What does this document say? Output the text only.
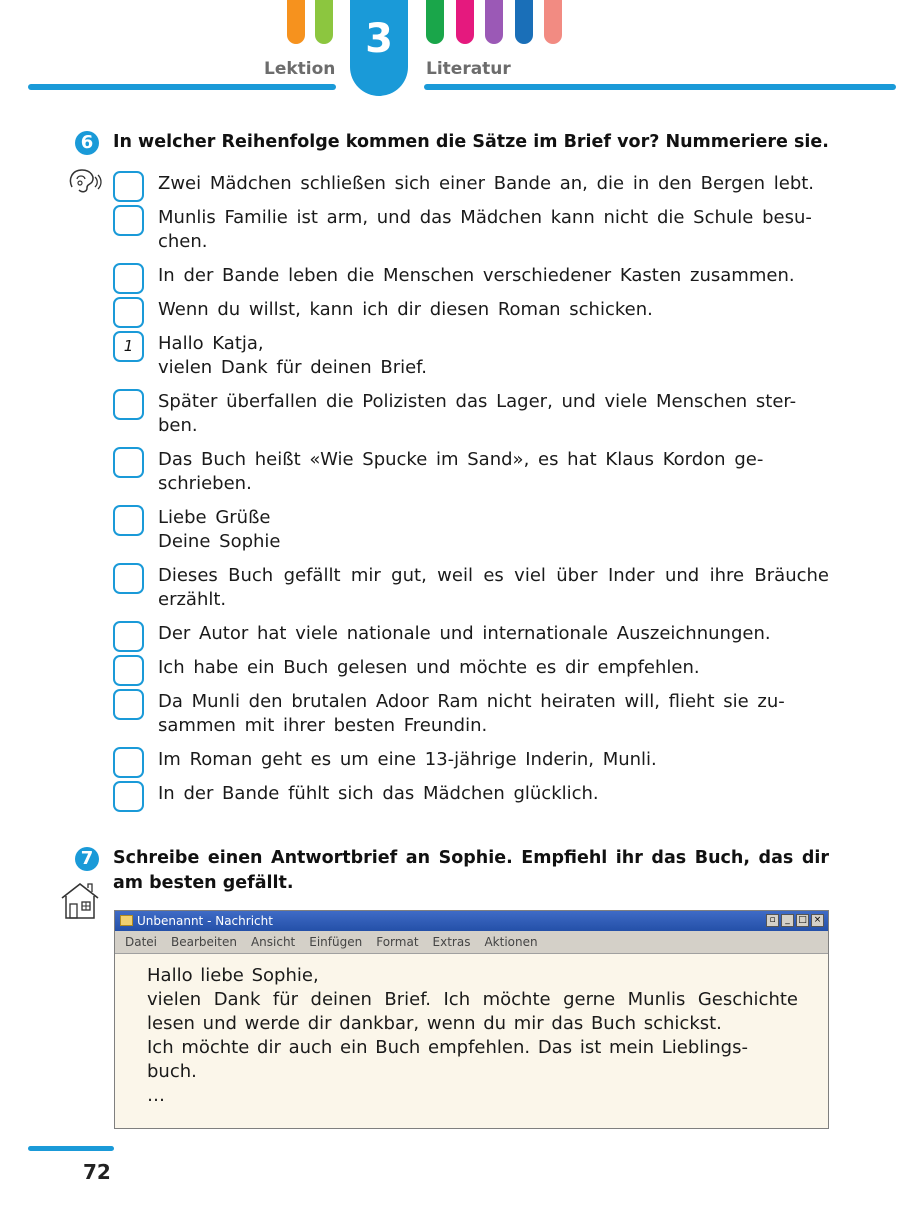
Lektion
3
Literatur
6	In welcher Reihenfolge kommen die Sätze im Brief vor? Nummeriere sie.
Zwei Mädchen schließen sich einer Bande an, die in den Bergen lebt.
Munlis Familie ist arm, und das Mädchen kann nicht die Schule besu-
chen.
In der Bande leben die Menschen verschiedener Kasten zusammen.
Wenn du willst, kann ich dir diesen Roman schicken.
1	Hallo Katja,
vielen Dank für deinen Brief.
Später überfallen die Polizisten das Lager, und viele Menschen ster-
ben.
Das Buch heißt «Wie Spucke im Sand», es hat Klaus Kordon ge-
schrieben.
Liebe Grüße
Deine Sophie
Dieses Buch gefällt mir gut, weil es viel über Inder und ihre Bräuche erzählt.
Der Autor hat viele nationale und internationale Auszeichnungen.
Ich habe ein Buch gelesen und möchte es dir empfehlen.
Da Munli den brutalen Adoor Ram nicht heiraten will, flieht sie zu-
sammen mit ihrer besten Freundin.
Im Roman geht es um eine 13-jährige Inderin, Munli.
In der Bande fühlt sich das Mädchen glücklich.
7	Schreibe einen Antwortbrief an Sophie. Empfiehl ihr das Buch, das dir am besten gefällt.
Unbenannt - Nachricht	▫	_ □ ×
Datei Bearbeiten Ansicht Einfügen Format Extras Aktionen
Hallo liebe Sophie,
vielen Dank für deinen Brief. Ich möchte gerne Munlis Geschichte lesen und werde dir dankbar, wenn du mir das Buch schickst.
Ich möchte dir auch ein Buch empfehlen. Das ist mein Lieblings-
buch.
…
72
